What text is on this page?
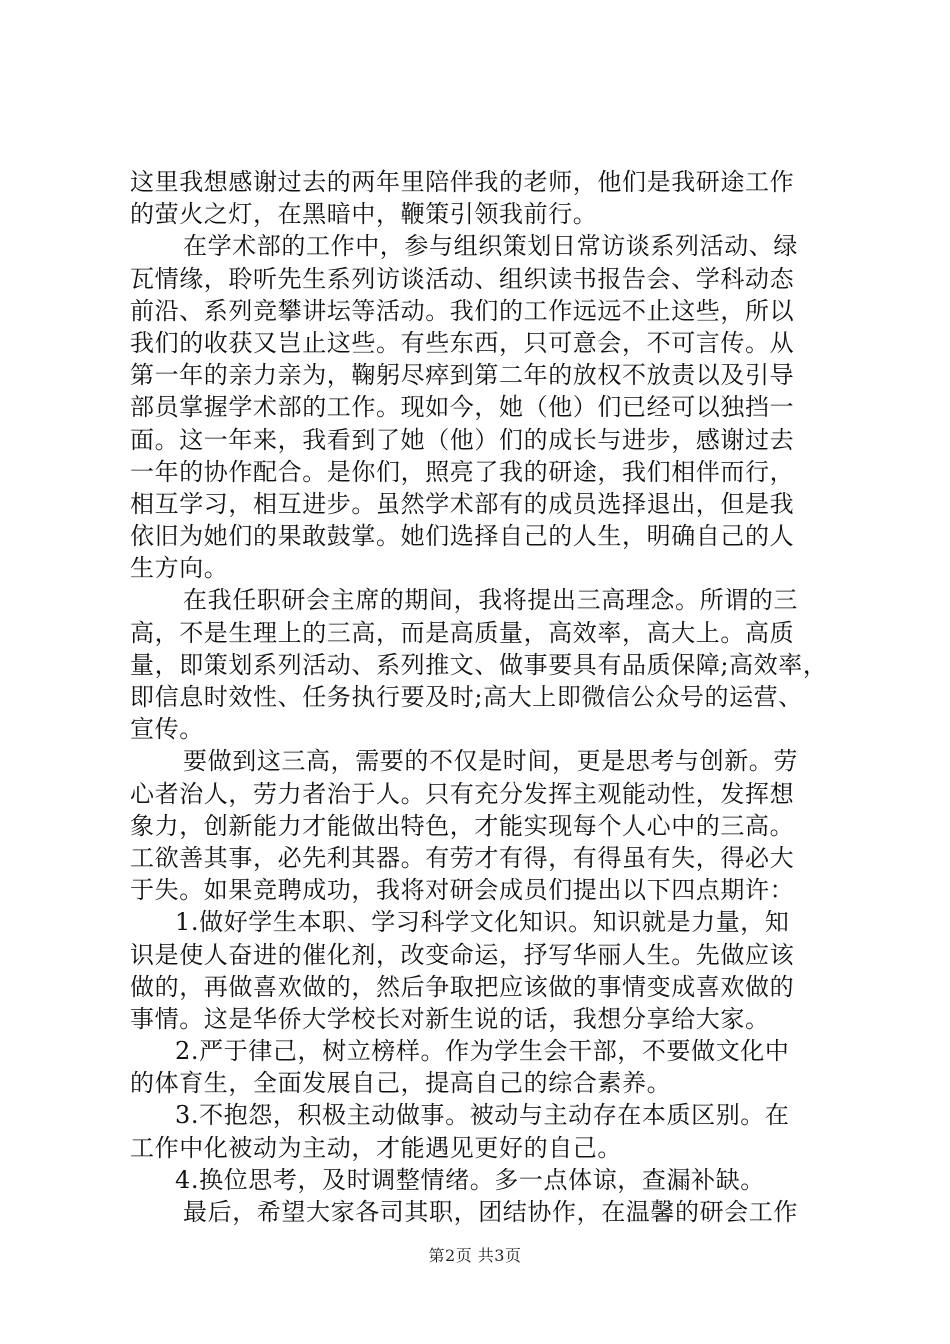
这里我想感谢过去的两年里陪伴我的老师，他们是我研途工作
的萤火之灯，在黑暗中，鞭策引领我前行。
在学术部的工作中，参与组织策划日常访谈系列活动、绿
瓦情缘，聆听先生系列访谈活动、组织读书报告会、学科动态
前沿、系列竞攀讲坛等活动。我们的工作远远不止这些，所以
我们的收获又岂止这些。有些东西，只可意会，不可言传。从
第一年的亲力亲为，鞠躬尽瘁到第二年的放权不放责以及引导
部员掌握学术部的工作。现如今，她（他）们已经可以独挡一
面。这一年来，我看到了她（他）们的成长与进步，感谢过去
一年的协作配合。是你们，照亮了我的研途，我们相伴而行，
相互学习，相互进步。虽然学术部有的成员选择退出，但是我
依旧为她们的果敢鼓掌。她们选择自己的人生，明确自己的人
生方向。
在我任职研会主席的期间，我将提出三高理念。所谓的三
高，不是生理上的三高，而是高质量，高效率，高大上。高质
量，即策划系列活动、系列推文、做事要具有品质保障;高效率，
即信息时效性、任务执行要及时;高大上即微信公众号的运营、
宣传。
要做到这三高，需要的不仅是时间，更是思考与创新。劳
心者治人，劳力者治于人。只有充分发挥主观能动性，发挥想
象力，创新能力才能做出特色，才能实现每个人心中的三高。
工欲善其事，必先利其器。有劳才有得，有得虽有失，得必大
于失。如果竞聘成功，我将对研会成员们提出以下四点期许：
1.做好学生本职、学习科学文化知识。知识就是力量，知
识是使人奋进的催化剂，改变命运，抒写华丽人生。先做应该
做的，再做喜欢做的，然后争取把应该做的事情变成喜欢做的
事情。这是华侨大学校长对新生说的话，我想分享给大家。
2.严于律己，树立榜样。作为学生会干部，不要做文化中
的体育生，全面发展自己，提高自己的综合素养。
3.不抱怨，积极主动做事。被动与主动存在本质区别。在
工作中化被动为主动，才能遇见更好的自己。
4.换位思考，及时调整情绪。多一点体谅，查漏补缺。
最后，希望大家各司其职，团结协作，在温馨的研会工作
第2页 共3页
